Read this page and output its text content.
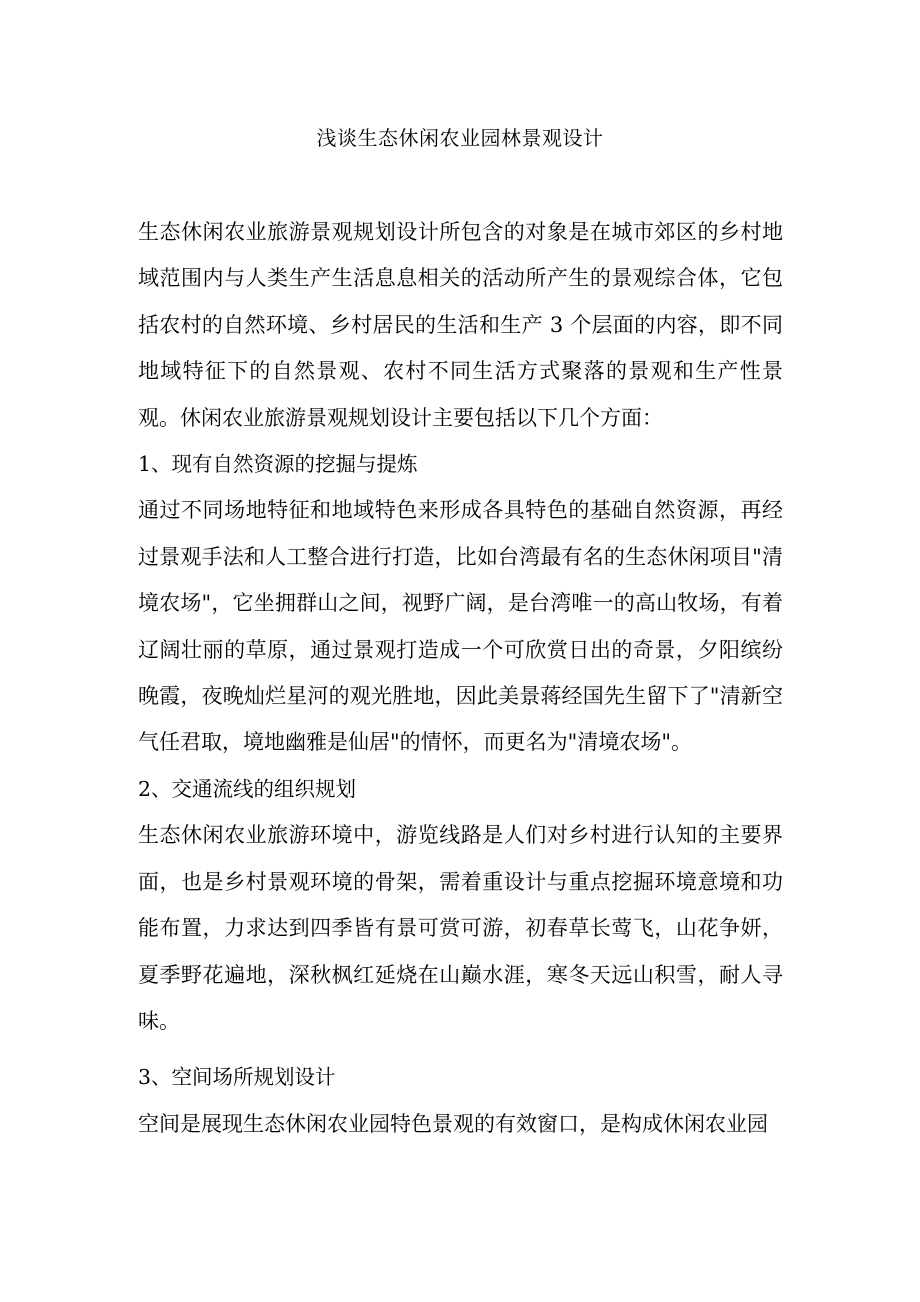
浅谈生态休闲农业园林景观设计

生态休闲农业旅游景观规划设计所包含的对象是在城市郊区的乡村地域范围内与人类生产生活息息相关的活动所产生的景观综合体，它包括农村的自然环境、乡村居民的生活和生产 3 个层面的内容，即不同地域特征下的自然景观、农村不同生活方式聚落的景观和生产性景观。休闲农业旅游景观规划设计主要包括以下几个方面：

1、现有自然资源的挖掘与提炼

通过不同场地特征和地域特色来形成各具特色的基础自然资源，再经过景观手法和人工整合进行打造，比如台湾最有名的生态休闲项目"清境农场"，它坐拥群山之间，视野广阔，是台湾唯一的高山牧场，有着辽阔壮丽的草原，通过景观打造成一个可欣赏日出的奇景，夕阳缤纷晚霞，夜晚灿烂星河的观光胜地，因此美景蒋经国先生留下了"清新空气任君取，境地幽雅是仙居"的情怀，而更名为"清境农场"。

2、交通流线的组织规划

生态休闲农业旅游环境中，游览线路是人们对乡村进行认知的主要界面，也是乡村景观环境的骨架，需着重设计与重点挖掘环境意境和功能布置，力求达到四季皆有景可赏可游，初春草长莺飞，山花争妍，夏季野花遍地，深秋枫红延烧在山巅水涯，寒冬天远山积雪，耐人寻味。

3、空间场所规划设计

空间是展现生态休闲农业园特色景观的有效窗口，是构成休闲农业园
